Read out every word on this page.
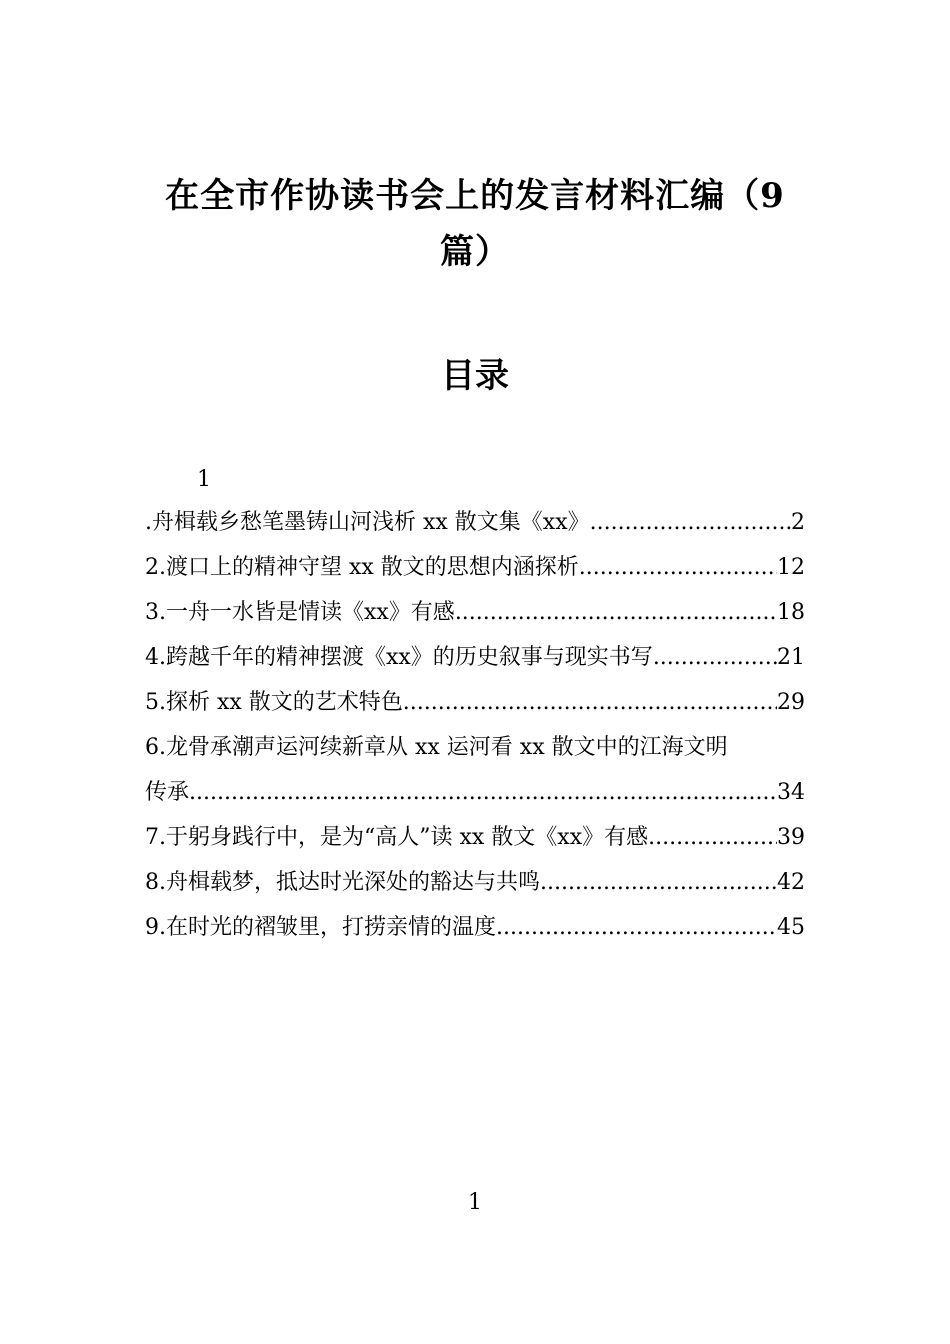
在全市作协读书会上的发言材料汇编（9
篇）
目录
1
.舟楫载乡愁笔墨铸山河浅析 xx 散文集《xx》 .....	2
2.渡口上的精神守望 xx 散文的思想内涵探析 .....	12
3.一舟一水皆是情读《xx》有感 .....	18
4.跨越千年的精神摆渡《xx》的历史叙事与现实书写 .....	21
5.探析 xx 散文的艺术特色 .....	29
6.龙骨承潮声运河续新章从 xx 运河看 xx 散文中的江海文明
传承 .....	34
7.于躬身践行中，是为“高人”读 xx 散文《xx》有感 .....	39
8.舟楫载梦，抵达时光深处的豁达与共鸣 .....	42
9.在时光的褶皱里，打捞亲情的温度 .....	45
1
